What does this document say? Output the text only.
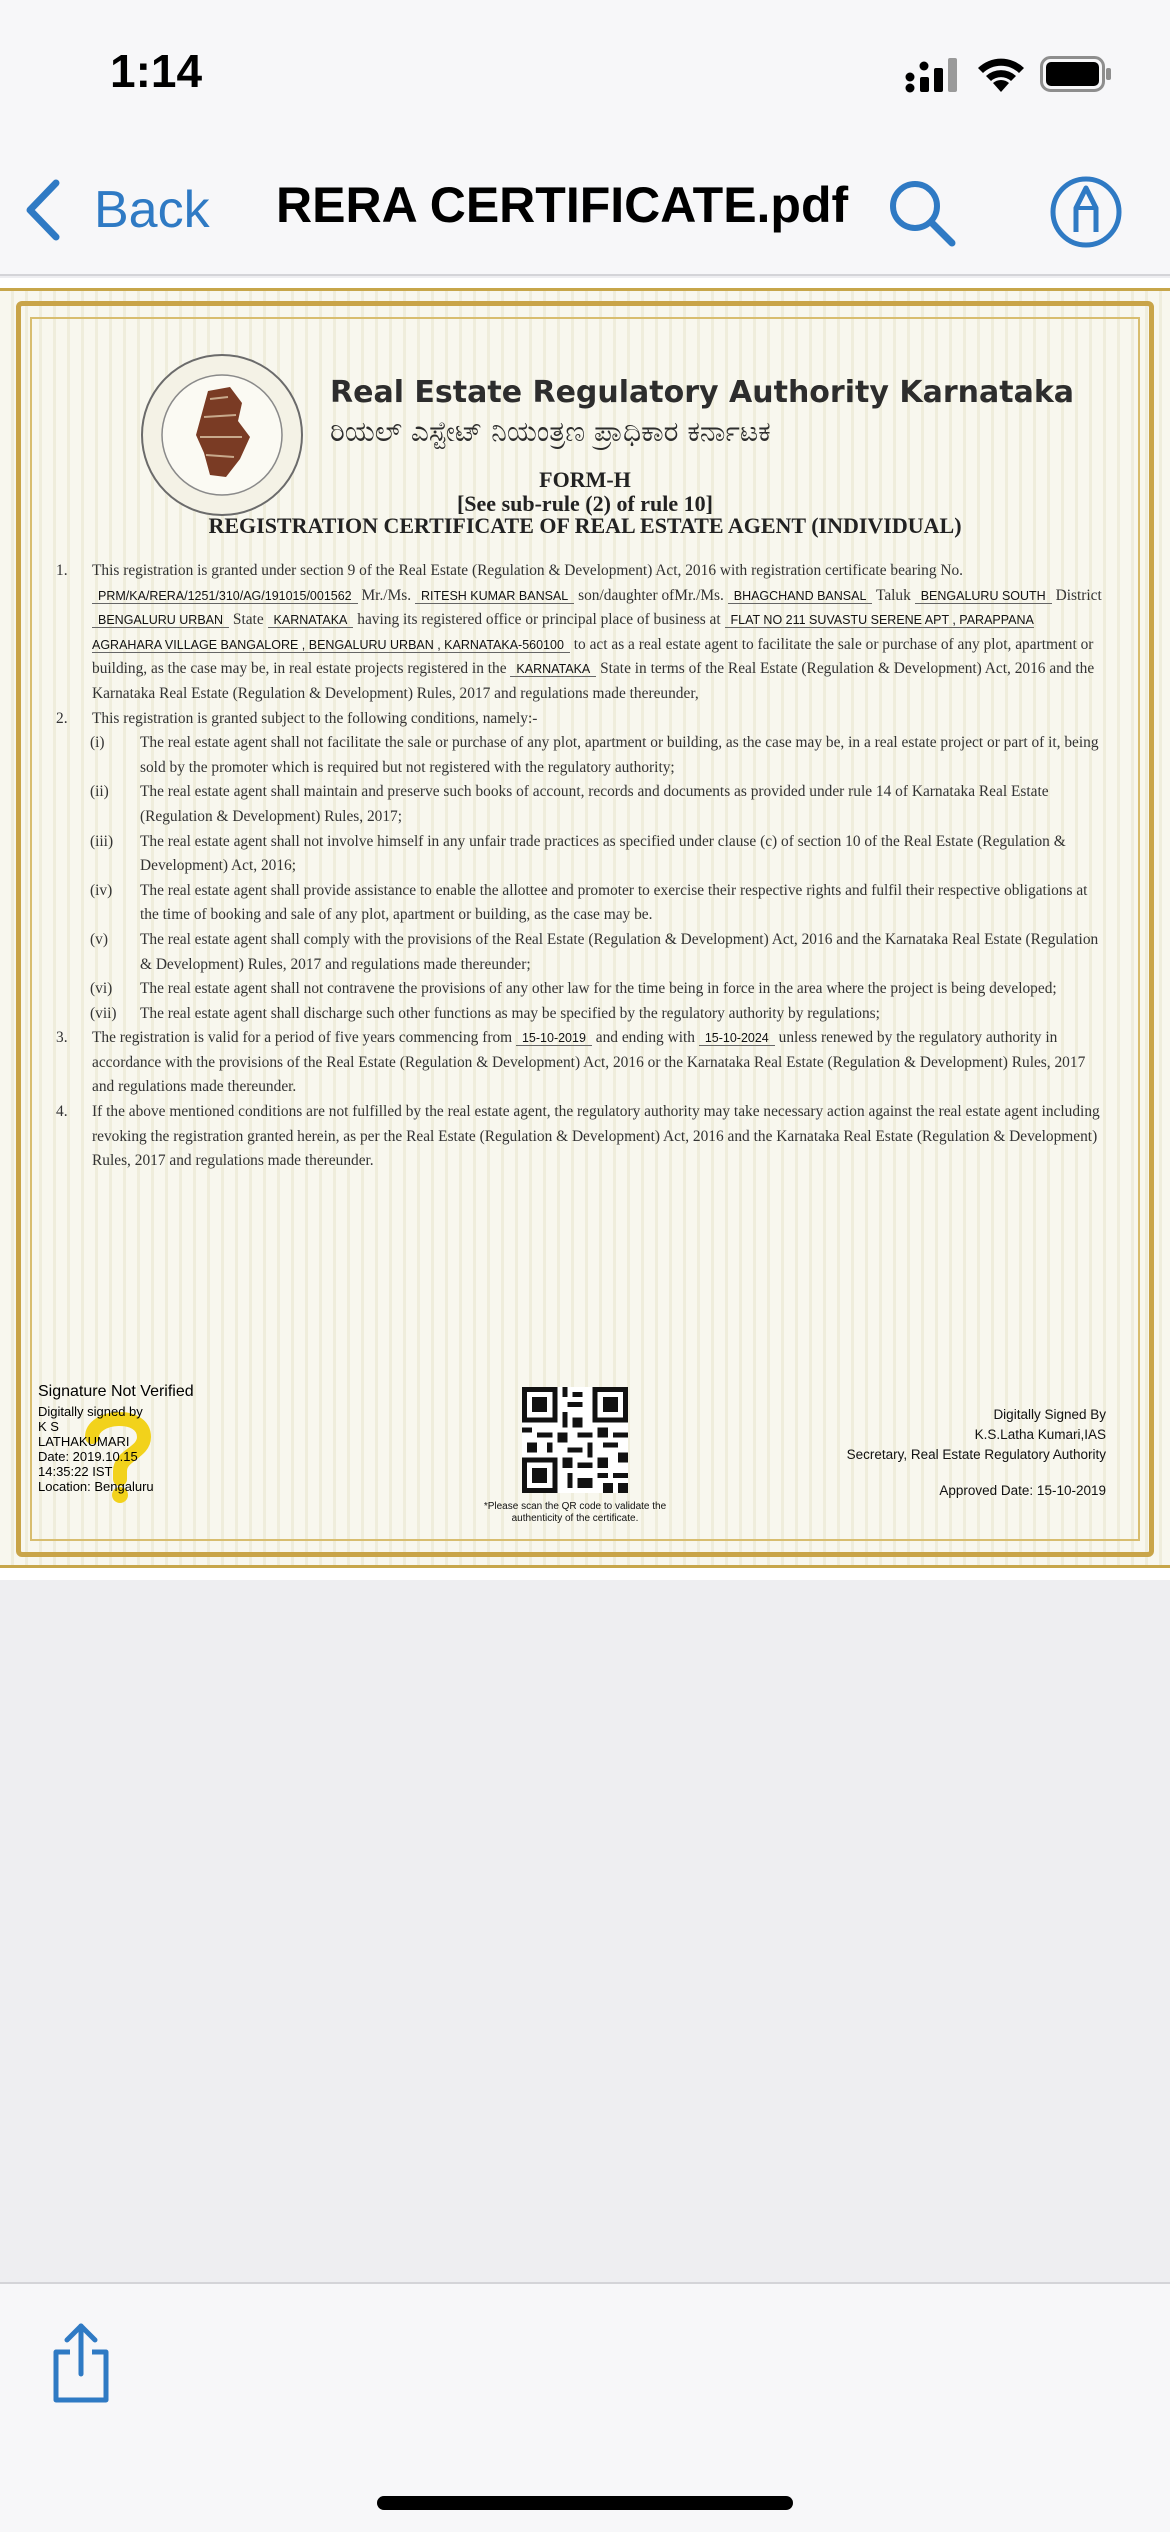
1:14
Back RERA CERTIFICATE.pdf
Real Estate Regulatory Authority Karnataka
ರಿಯಲ್ ಎಸ್ಟೇಟ್ ನಿಯಂತ್ರಣ ಪ್ರಾಧಿಕಾರ ಕರ್ನಾಟಕ
FORM-H
[See sub-rule (2) of rule 10]
REGISTRATION CERTIFICATE OF REAL ESTATE AGENT (INDIVIDUAL)
1. This registration is granted under section 9 of the Real Estate (Regulation & Development) Act, 2016 with registration certificate bearing No. PRM/KA/RERA/1251/310/AG/191015/001562 Mr./Ms. RITESH KUMAR BANSAL son/daughter ofMr./Ms. BHAGCHAND BANSAL Taluk BENGALURU SOUTH District BENGALURU URBAN State KARNATAKA having its registered office or principal place of business at FLAT NO 211 SUVASTU SERENE APT , PARAPPANA AGRAHARA VILLAGE BANGALORE , BENGALURU URBAN , KARNATAKA-560100 to act as a real estate agent to facilitate the sale or purchase of any plot, apartment or building, as the case may be, in real estate projects registered in the KARNATAKA State in terms of the Real Estate (Regulation & Development) Act, 2016 and the Karnataka Real Estate (Regulation & Development) Rules, 2017 and regulations made thereunder,
2. This registration is granted subject to the following conditions, namely:-
(i) The real estate agent shall not facilitate the sale or purchase of any plot, apartment or building, as the case may be, in a real estate project or part of it, being sold by the promoter which is required but not registered with the regulatory authority;
(ii) The real estate agent shall maintain and preserve such books of account, records and documents as provided under rule 14 of Karnataka Real Estate (Regulation & Development) Rules, 2017;
(iii) The real estate agent shall not involve himself in any unfair trade practices as specified under clause (c) of section 10 of the Real Estate (Regulation & Development) Act, 2016;
(iv) The real estate agent shall provide assistance to enable the allottee and promoter to exercise their respective rights and fulfil their respective obligations at the time of booking and sale of any plot, apartment or building, as the case may be.
(v) The real estate agent shall comply with the provisions of the Real Estate (Regulation & Development) Act, 2016 and the Karnataka Real Estate (Regulation & Development) Rules, 2017 and regulations made thereunder;
(vi) The real estate agent shall not contravene the provisions of any other law for the time being in force in the area where the project is being developed;
(vii) The real estate agent shall discharge such other functions as may be specified by the regulatory authority by regulations;
3. The registration is valid for a period of five years commencing from 15-10-2019 and ending with 15-10-2024 unless renewed by the regulatory authority in accordance with the provisions of the Real Estate (Regulation & Development) Act, 2016 or the Karnataka Real Estate (Regulation & Development) Rules, 2017 and regulations made thereunder.
4. If the above mentioned conditions are not fulfilled by the real estate agent, the regulatory authority may take necessary action against the real estate agent including revoking the registration granted herein, as per the Real Estate (Regulation & Development) Act, 2016 and the Karnataka Real Estate (Regulation & Development) Rules, 2017 and regulations made thereunder.
Signature Not Verified
Digitally signed by
K S
LATHAKUMARI
Date: 2019.10.15
14:35:22 IST
Location: Bengaluru
*Please scan the QR code to validate the authenticity of the certificate.
Digitally Signed By
K.S.Latha Kumari,IAS
Secretary, Real Estate Regulatory Authority
Approved Date: 15-10-2019
